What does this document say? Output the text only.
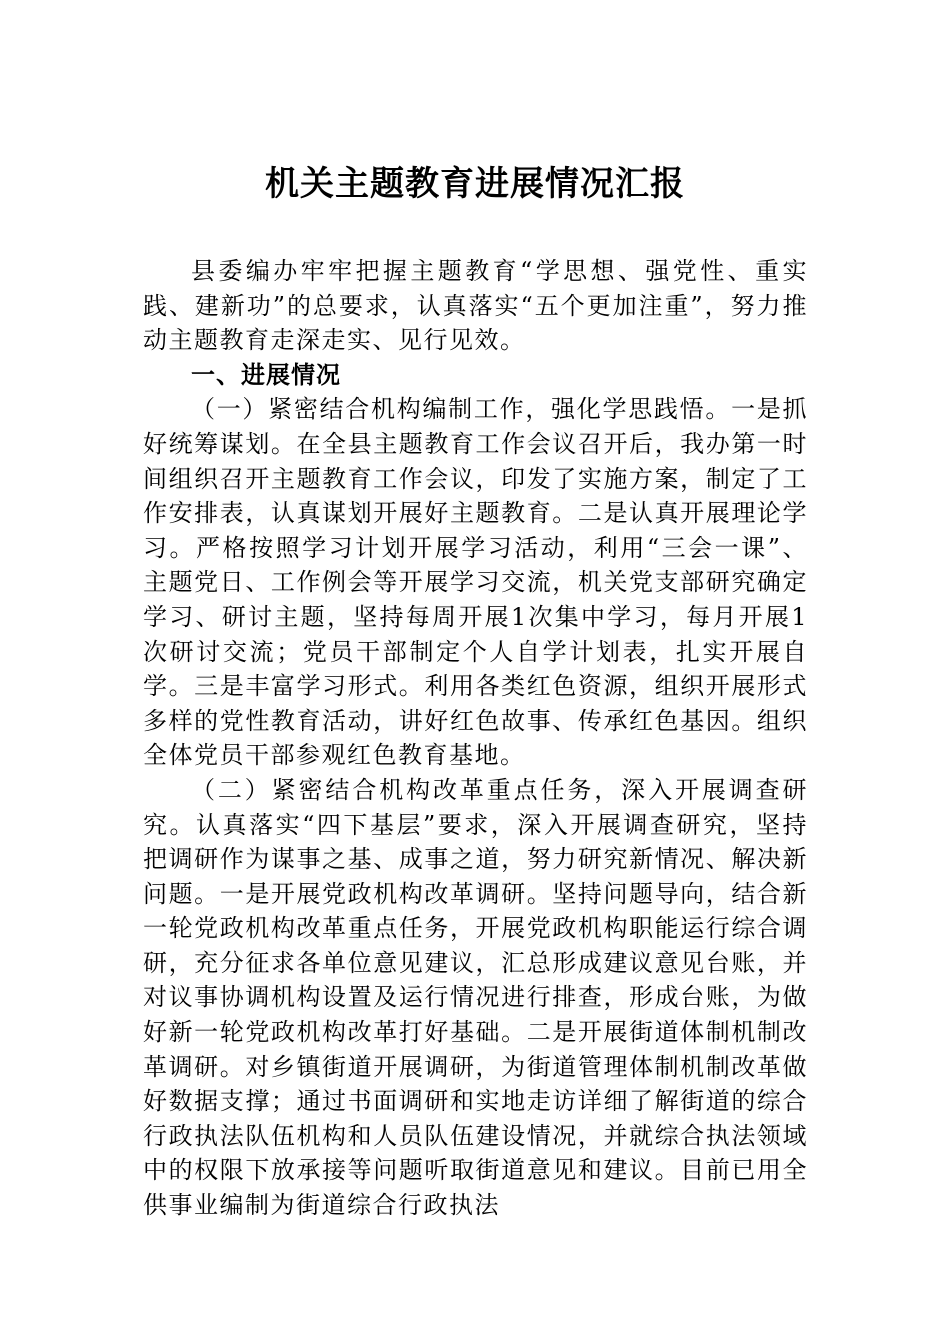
机关主题教育进展情况汇报

县委编办牢牢把握主题教育“学思想、强党性、重实践、建新功”的总要求，认真落实“五个更加注重”，努力推动主题教育走深走实、见行见效。

一、进展情况

（一）紧密结合机构编制工作，强化学思践悟。一是抓好统筹谋划。在全县主题教育工作会议召开后，我办第一时间组织召开主题教育工作会议，印发了实施方案，制定了工作安排表，认真谋划开展好主题教育。二是认真开展理论学习。严格按照学习计划开展学习活动，利用“三会一课”、主题党日、工作例会等开展学习交流，机关党支部研究确定学习、研讨主题，坚持每周开展1次集中学习，每月开展1次研讨交流；党员干部制定个人自学计划表，扎实开展自学。三是丰富学习形式。利用各类红色资源，组织开展形式多样的党性教育活动，讲好红色故事、传承红色基因。组织全体党员干部参观红色教育基地。

（二）紧密结合机构改革重点任务，深入开展调查研究。认真落实“四下基层”要求，深入开展调查研究，坚持把调研作为谋事之基、成事之道，努力研究新情况、解决新问题。一是开展党政机构改革调研。坚持问题导向，结合新一轮党政机构改革重点任务，开展党政机构职能运行综合调研，充分征求各单位意见建议，汇总形成建议意见台账，并对议事协调机构设置及运行情况进行排查，形成台账，为做好新一轮党政机构改革打好基础。二是开展街道体制机制改革调研。对乡镇街道开展调研，为街道管理体制机制改革做好数据支撑；通过书面调研和实地走访详细了解街道的综合行政执法队伍机构和人员队伍建设情况，并就综合执法领域中的权限下放承接等问题听取街道意见和建议。目前已用全供事业编制为街道综合行政执法
